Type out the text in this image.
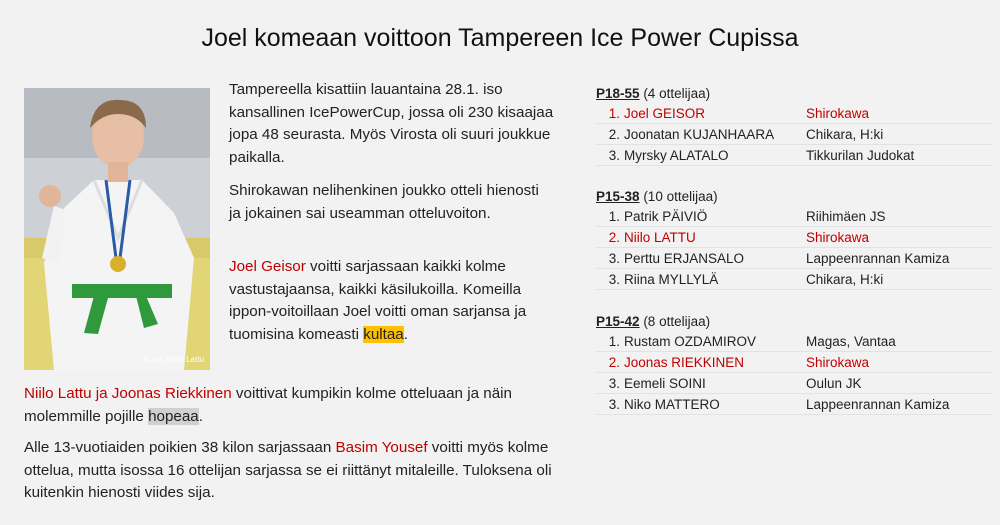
Joel komeaan voittoon Tampereen Ice Power Cupissa
Kuva: Matti Lattu
Tampereella kisattiin lauantaina 28.1. iso kansallinen IcePowerCup, jossa oli 230 kisaajaa jopa 48 seurasta. Myös Virosta oli suuri joukkue paikalla.
Shirokawan nelihenkinen joukko otteli hienosti ja jokainen sai useamman otteluvoiton.
Joel Geisor voitti sarjassaan kaikki kolme vastustajaansa, kaikki käsilukoilla. Komeilla ippon-voitoillaan Joel voitti oman sarjansa ja tuomisina komeasti kultaa.
Niilo Lattu ja Joonas Riekkinen voittivat kumpikin kolme otteluaan ja näin molemmille pojille hopeaa.
Alle 13-vuotiaiden poikien 38 kilon sarjassaan Basim Yousef voitti myös kolme ottelua, mutta isossa 16 ottelijan sarjassa se ei riittänyt mitaleille. Tuloksena oli kuitenkin hienosti viides sija.
P18-55 (4 ottelijaa)
1. Joel GEISOR	Shirokawa
2. Joonatan KUJANHAARA	Chikara, H:ki
3. Myrsky ALATALO	Tikkurilan Judokat
P15-38 (10 ottelijaa)
1. Patrik PÄIVIÖ	Riihimäen JS
2. Niilo LATTU	Shirokawa
3. Perttu ERJANSALO	Lappeenrannan Kamiza
3. Riina MYLLYLÄ	Chikara, H:ki
P15-42 (8 ottelijaa)
1. Rustam OZDAMIROV	Magas, Vantaa
2. Joonas RIEKKINEN	Shirokawa
3. Eemeli SOINI	Oulun JK
3. Niko MATTERO	Lappeenrannan Kamiza
